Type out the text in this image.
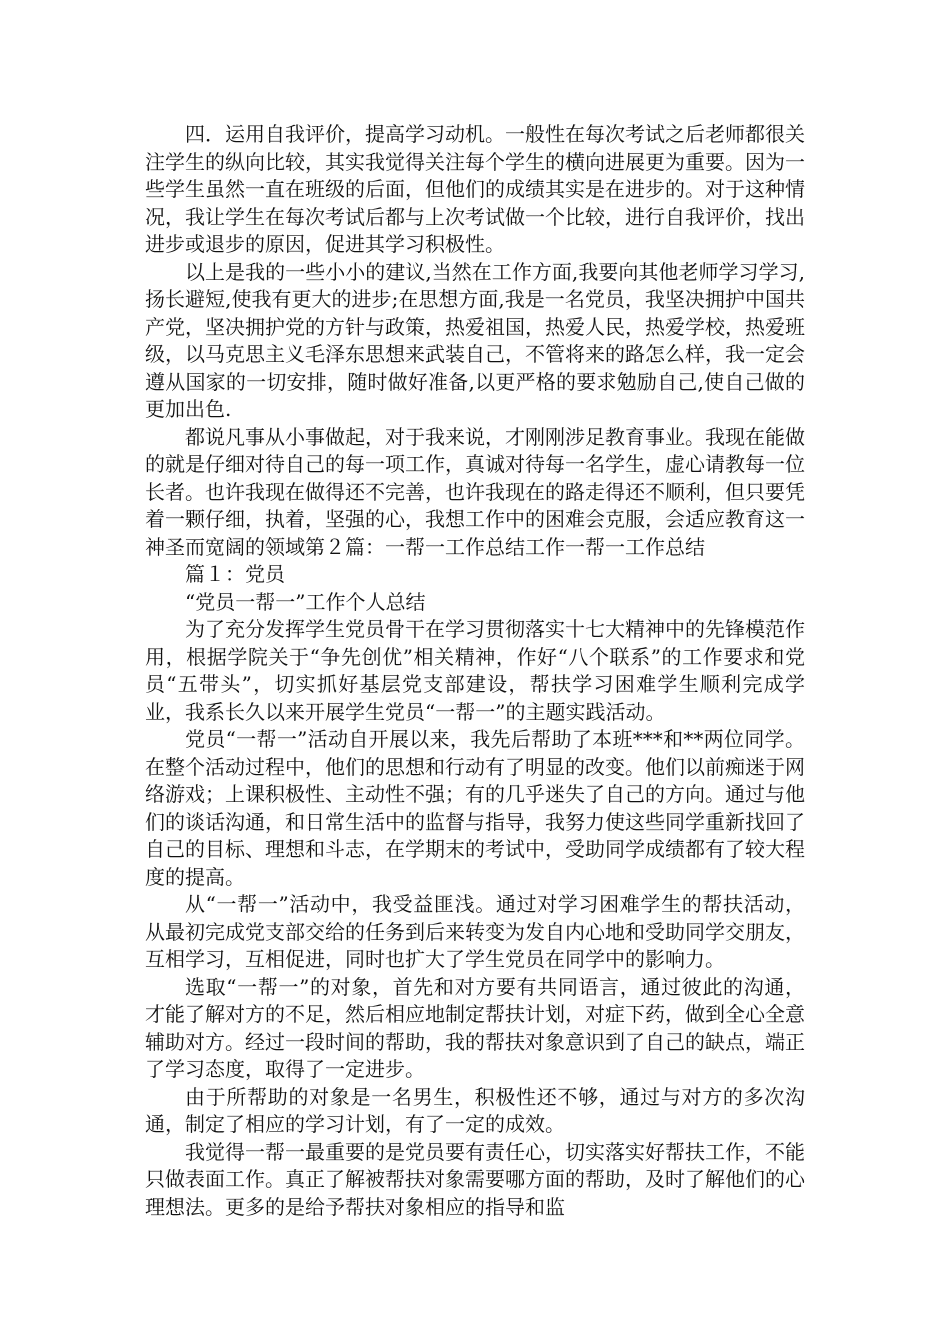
四．运用自我评价，提高学习动机。一般性在每次考试之后老师都很关注学生的纵向比较，其实我觉得关注每个学生的横向进展更为重要。因为一些学生虽然一直在班级的后面，但他们的成绩其实是在进步的。对于这种情况，我让学生在每次考试后都与上次考试做一个比较，进行自我评价，找出进步或退步的原因，促进其学习积极性。

以上是我的一些小小的建议,当然在工作方面,我要向其他老师学习学习,扬长避短,使我有更大的进步;在思想方面,我是一名党员，我坚决拥护中国共产党，坚决拥护党的方针与政策，热爱祖国，热爱人民，热爱学校，热爱班级，以马克思主义毛泽东思想来武装自己，不管将来的路怎么样，我一定会遵从国家的一切安排，随时做好准备,以更严格的要求勉励自己,使自己做的更加出色.

都说凡事从小事做起，对于我来说，才刚刚涉足教育事业。我现在能做的就是仔细对待自己的每一项工作，真诚对待每一名学生，虚心请教每一位长者。也许我现在做得还不完善，也许我现在的路走得还不顺利，但只要凭着一颗仔细，执着，坚强的心，我想工作中的困难会克服，会适应教育这一神圣而宽阔的领域第２篇：一帮一工作总结工作一帮一工作总结

篇１：党员

“党员一帮一”工作个人总结

为了充分发挥学生党员骨干在学习贯彻落实十七大精神中的先锋模范作用，根据学院关于“争先创优”相关精神，作好“八个联系”的工作要求和党员“五带头”，切实抓好基层党支部建设，帮扶学习困难学生顺利完成学业，我系长久以来开展学生党员“一帮一”的主题实践活动。

党员“一帮一”活动自开展以来，我先后帮助了本班***和**两位同学。在整个活动过程中，他们的思想和行动有了明显的改变。他们以前痴迷于网络游戏；上课积极性、主动性不强；有的几乎迷失了自己的方向。通过与他们的谈话沟通，和日常生活中的监督与指导，我努力使这些同学重新找回了自己的目标、理想和斗志，在学期末的考试中，受助同学成绩都有了较大程度的提高。

从“一帮一”活动中，我受益匪浅。通过对学习困难学生的帮扶活动，从最初完成党支部交给的任务到后来转变为发自内心地和受助同学交朋友，互相学习，互相促进，同时也扩大了学生党员在同学中的影响力。

选取“一帮一”的对象，首先和对方要有共同语言，通过彼此的沟通，才能了解对方的不足，然后相应地制定帮扶计划，对症下药，做到全心全意辅助对方。经过一段时间的帮助，我的帮扶对象意识到了自己的缺点，端正了学习态度，取得了一定进步。

由于所帮助的对象是一名男生，积极性还不够，通过与对方的多次沟通，制定了相应的学习计划，有了一定的成效。

我觉得一帮一最重要的是党员要有责任心，切实落实好帮扶工作，不能只做表面工作。真正了解被帮扶对象需要哪方面的帮助，及时了解他们的心理想法。更多的是给予帮扶对象相应的指导和监
